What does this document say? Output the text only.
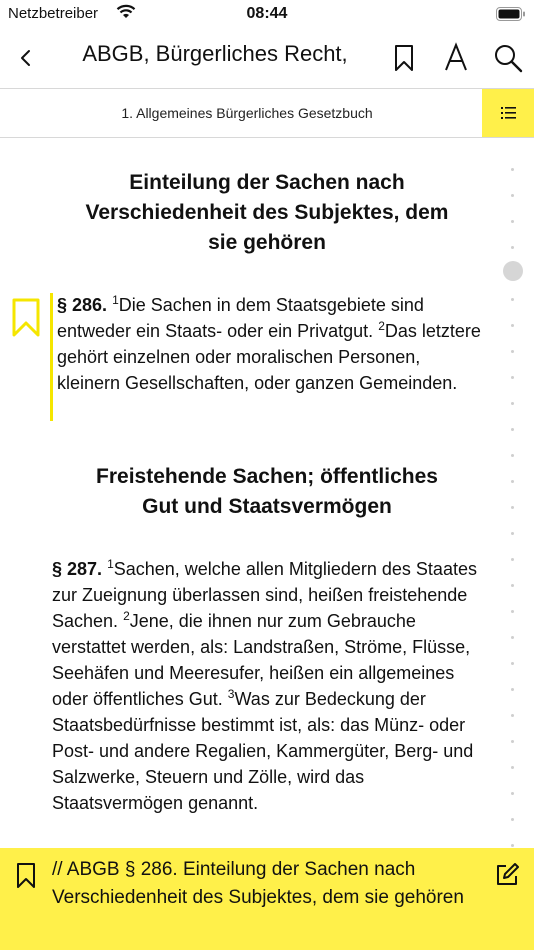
Netzbetreiber	08:44
ABGB, Bürgerliches Recht,
1. Allgemeines Bürgerliches Gesetzbuch
Einteilung der Sachen nach
Verschiedenheit des Subjektes, dem
sie gehören

§ 286. $^1$Die Sachen in dem Staatsgebiete sind entweder ein Staats- oder ein Privatgut. $^2$Das letztere gehört einzelnen oder moralischen Personen, kleinern Gesellschaften, oder ganzen Gemeinden.

Freistehende Sachen; öffentliches
Gut und Staatsvermögen

§ 287. $^1$Sachen, welche allen Mitgliedern des Staates zur Zueignung überlassen sind, heißen freistehende Sachen. $^2$Jene, die ihnen nur zum Gebrauche verstattet werden, als: Landstraßen, Ströme, Flüsse, Seehäfen und Meeresufer, heißen ein allgemeines oder öffentliches Gut. $^3$Was zur Bedeckung der Staatsbedürfnisse bestimmt ist, als: das Münz- oder Post- und andere Regalien, Kammergüter, Berg- und Salzwerke, Steuern und Zölle, wird das Staatsvermögen genannt.

// ABGB § 286. Einteilung der Sachen nach Verschiedenheit des Subjektes, dem sie gehören
